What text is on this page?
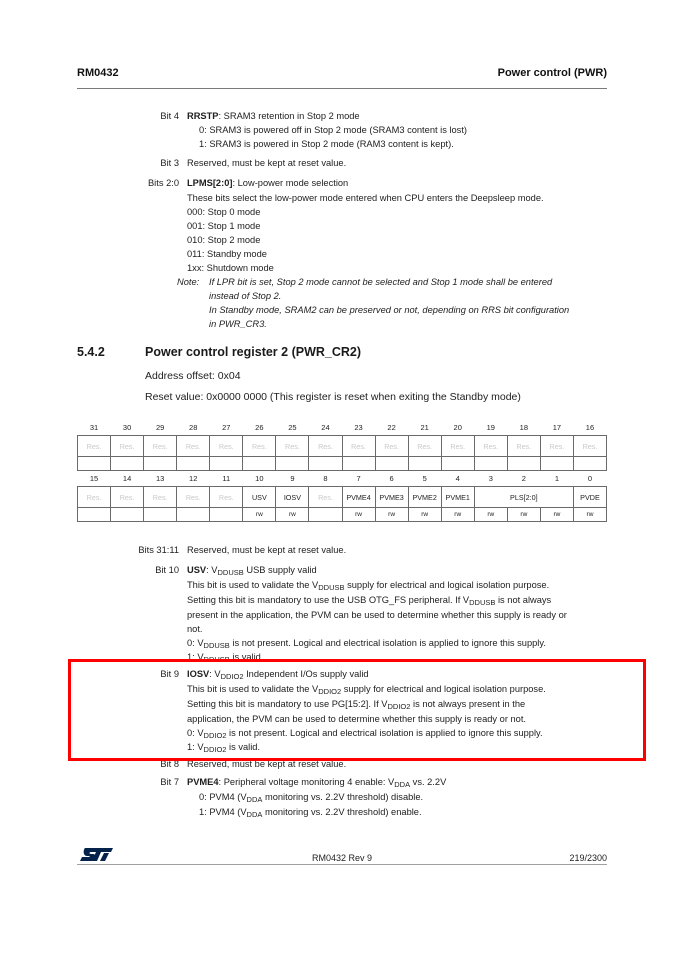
RM0432	Power control (PWR)
Bit 4 RRSTP: SRAM3 retention in Stop 2 mode
0: SRAM3 is powered off in Stop 2 mode (SRAM3 content is lost)
1: SRAM3 is powered in Stop 2 mode (RAM3 content is kept).
Bit 3 Reserved, must be kept at reset value.
Bits 2:0 LPMS[2:0]: Low-power mode selection
These bits select the low-power mode entered when CPU enters the Deepsleep mode.
000: Stop 0 mode
001: Stop 1 mode
010: Stop 2 mode
011: Standby mode
1xx: Shutdown mode
Note: If LPR bit is set, Stop 2 mode cannot be selected and Stop 1 mode shall be entered
instead of Stop 2.
In Standby mode, SRAM2 can be preserved or not, depending on RRS bit configuration
in PWR_CR3.
5.4.2	Power control register 2 (PWR_CR2)
Address offset: 0x04
Reset value: 0x0000 0000 (This register is reset when exiting the Standby mode)
31	30	29	28	27	26	25	24	23	22	21	20	19	18	17	16
Res.	Res.	Res.	Res.	Res.	Res.	Res.	Res.	Res.	Res.	Res.	Res.	Res.	Res.	Res.	Res.

15	14	13	12	11	10	9	8	7	6	5	4	3	2	1	0
Res.	Res.	Res.	Res.	Res.	USV	IOSV	Res.	PVME4	PVME3	PVME2	PVME1	PLS[2:0]			PVDE
					rw	rw		rw	rw	rw	rw	rw	rw	rw	rw
Bits 31:11 Reserved, must be kept at reset value.
Bit 10 USV: $V_{DDUSB}$ USB supply valid
This bit is used to validate the $V_{DDUSB}$ supply for electrical and logical isolation purpose.
Setting this bit is mandatory to use the USB OTG_FS peripheral. If $V_{DDUSB}$ is not always
present in the application, the PVM can be used to determine whether this supply is ready or
not.
0: $V_{DDUSB}$ is not present. Logical and electrical isolation is applied to ignore this supply.
1: $V_{DDUSB}$ is valid.
Bit 9 IOSV: $V_{DDIO2}$ Independent I/Os supply valid
This bit is used to validate the $V_{DDIO2}$ supply for electrical and logical isolation purpose.
Setting this bit is mandatory to use PG[15:2]. If $V_{DDIO2}$ is not always present in the
application, the PVM can be used to determine whether this supply is ready or not.
0: $V_{DDIO2}$ is not present. Logical and electrical isolation is applied to ignore this supply.
1: $V_{DDIO2}$ is valid.
Bit 8 Reserved, must be kept at reset value.
Bit 7 PVME4: Peripheral voltage monitoring 4 enable: $V_{DDA}$ vs. 2.2V
0: PVM4 ($V_{DDA}$ monitoring vs. 2.2V threshold) disable.
1: PVM4 ($V_{DDA}$ monitoring vs. 2.2V threshold) enable.
RM0432 Rev 9	219/2300
